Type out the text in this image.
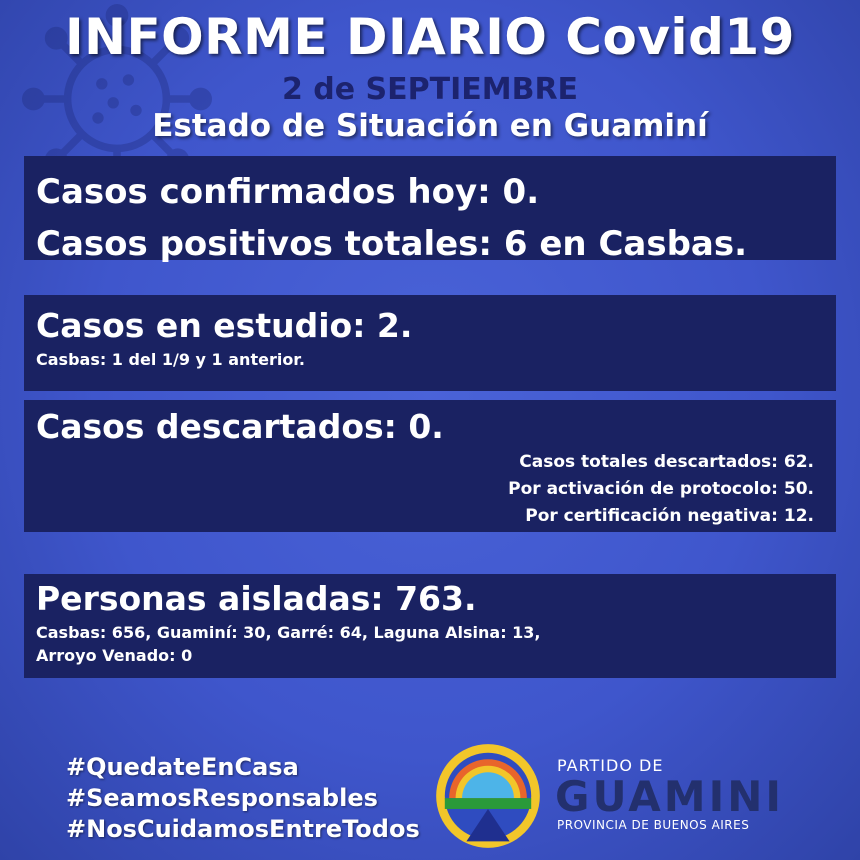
INFORME DIARIO Covid19
2 de SEPTIEMBRE
Estado de Situación en Guaminí
Casos confirmados hoy: 0.
Casos positivos totales: 6 en Casbas.
Casos en estudio: 2.
Casbas: 1 del 1/9 y 1 anterior.
Casos descartados: 0.
Casos totales descartados: 62.
Por activación de protocolo: 50.
Por certificación negativa: 12.
Personas aisladas: 763.
Casbas: 656, Guaminí: 30, Garré: 64, Laguna Alsina: 13,
Arroyo Venado: 0
#QuedateEnCasa
#SeamosResponsables
#NosCuidamosEntreTodos
PARTIDO DE
GUAMINI
PROVINCIA DE BUENOS AIRES
